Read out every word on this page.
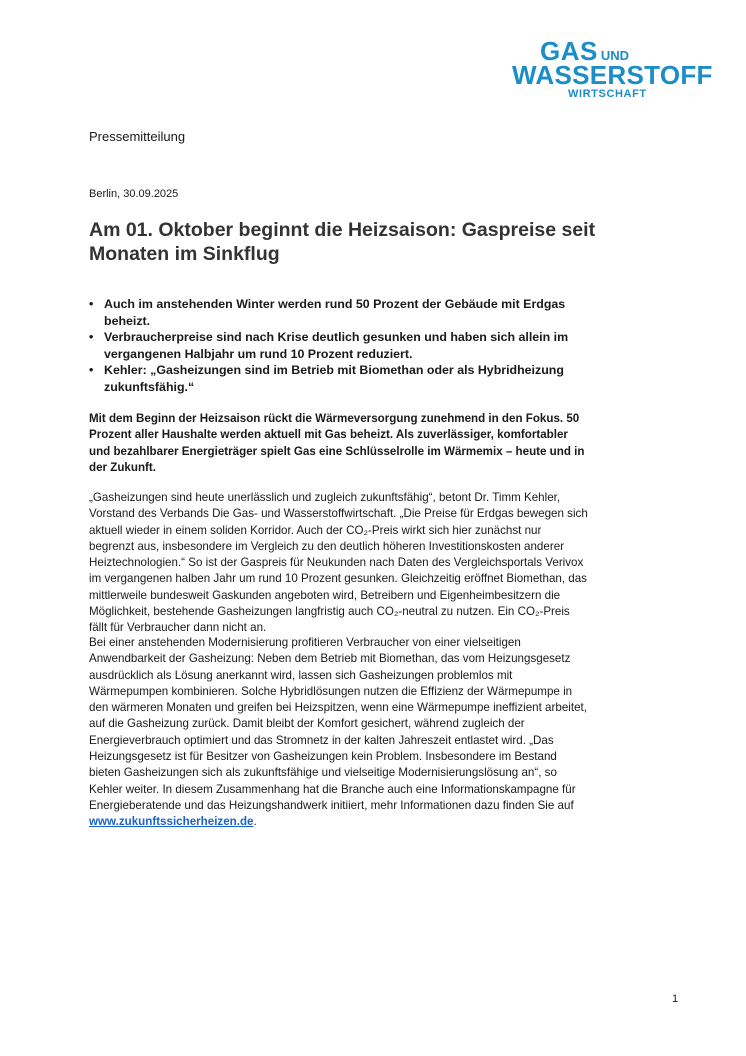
GAS UND
WASSERSTOFF
WIRTSCHAFT
Pressemitteilung
Berlin, 30.09.2025
Am 01. Oktober beginnt die Heizsaison: Gaspreise seit Monaten im Sinkflug
• Auch im anstehenden Winter werden rund 50 Prozent der Gebäude mit Erdgas beheizt.
• Verbraucherpreise sind nach Krise deutlich gesunken und haben sich allein im vergangenen Halbjahr um rund 10 Prozent reduziert.
• Kehler: „Gasheizungen sind im Betrieb mit Biomethan oder als Hybridheizung zukunftsfähig.“

Mit dem Beginn der Heizsaison rückt die Wärmeversorgung zunehmend in den Fokus. 50 Prozent aller Haushalte werden aktuell mit Gas beheizt. Als zuverlässiger, komfortabler und bezahlbarer Energieträger spielt Gas eine Schlüsselrolle im Wärmemix – heute und in der Zukunft.

„Gasheizungen sind heute unerlässlich und zugleich zukunftsfähig“, betont Dr. Timm Kehler, Vorstand des Verbands Die Gas- und Wasserstoffwirtschaft. „Die Preise für Erdgas bewegen sich aktuell wieder in einem soliden Korridor. Auch der CO₂-Preis wirkt sich hier zunächst nur begrenzt aus, insbesondere im Vergleich zu den deutlich höheren Investitionskosten anderer Heiztechnologien.“ So ist der Gaspreis für Neukunden nach Daten des Vergleichsportals Verivox im vergangenen halben Jahr um rund 10 Prozent gesunken. Gleichzeitig eröffnet Biomethan, das mittlerweile bundesweit Gaskunden angeboten wird, Betreibern und Eigenheimbesitzern die Möglichkeit, bestehende Gasheizungen langfristig auch CO₂-neutral zu nutzen. Ein CO₂-Preis fällt für Verbraucher dann nicht an.

Bei einer anstehenden Modernisierung profitieren Verbraucher von einer vielseitigen Anwendbarkeit der Gasheizung: Neben dem Betrieb mit Biomethan, das vom Heizungsgesetz ausdrücklich als Lösung anerkannt wird, lassen sich Gasheizungen problemlos mit Wärmepumpen kombinieren. Solche Hybridlösungen nutzen die Effizienz der Wärmepumpe in den wärmeren Monaten und greifen bei Heizspitzen, wenn eine Wärmepumpe ineffizient arbeitet, auf die Gasheizung zurück. Damit bleibt der Komfort gesichert, während zugleich der Energieverbrauch optimiert und das Stromnetz in der kalten Jahreszeit entlastet wird. „Das Heizungsgesetz ist für Besitzer von Gasheizungen kein Problem. Insbesondere im Bestand bieten Gasheizungen sich als zukunftsfähige und vielseitige Modernisierungslösung an“, so Kehler weiter. In diesem Zusammenhang hat die Branche auch eine Informationskampagne für Energieberatende und das Heizungshandwerk initiiert, mehr Informationen dazu finden Sie auf www.zukunftssicherheizen.de.

1
